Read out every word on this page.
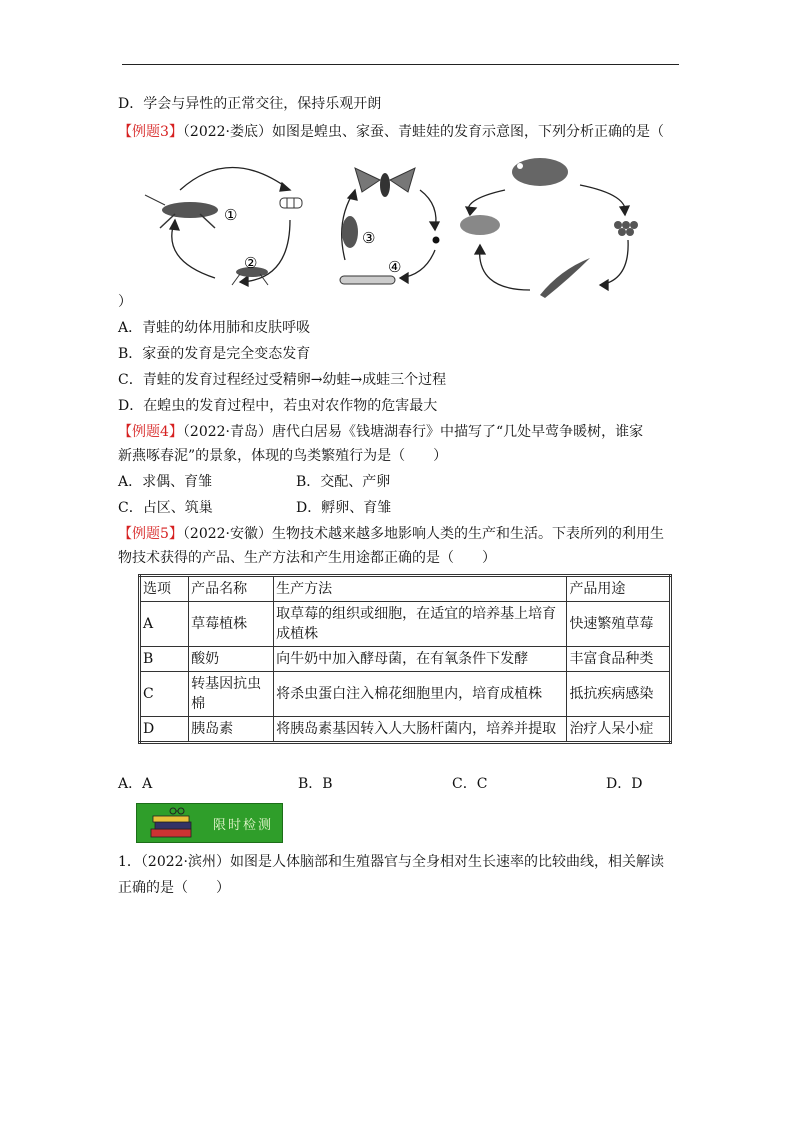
D．学会与异性的正常交往，保持乐观开朗
【例题3】（2022·娄底）如图是蝗虫、家蚕、青蛙娃的发育示意图，下列分析正确的是（
①
②
③
④
）
A．青蛙的幼体用肺和皮肤呼吸
B．家蚕的发育是完全变态发育
C．青蛙的发育过程经过受精卵→幼蛙→成蛙三个过程
D．在蝗虫的发育过程中，若虫对农作物的危害最大
【例题4】（2022·青岛）唐代白居易《钱塘湖春行》中描写了“几处早莺争暖树，谁家
新燕啄春泥”的景象，体现的鸟类繁殖行为是（　　）
A．求偶、育雏	B．交配、产卵
C．占区、筑巢	D．孵卵、育雏
【例题5】（2022·安徽）生物技术越来越多地影响人类的生产和生活。下表所列的利用生
物技术获得的产品、生产方法和产生用途都正确的是（　　）
选项	产品名称	生产方法	产品用途
A	草莓植株	取草莓的组织或细胞，在适宜的培养基上培育成植株	快速繁殖草莓
B	酸奶	向牛奶中加入酵母菌，在有氧条件下发酵	丰富食品种类
C	转基因抗虫棉	将杀虫蛋白注入棉花细胞里内，培育成植株	抵抗疾病感染
D	胰岛素	将胰岛素基因转入人大肠杆菌内，培养并提取	治疗人呆小症
A．A	B．B	C．C	D．D
限时检测
1．（2022·滨州）如图是人体脑部和生殖器官与全身相对生长速率的比较曲线，相关解读
正确的是（　　）
